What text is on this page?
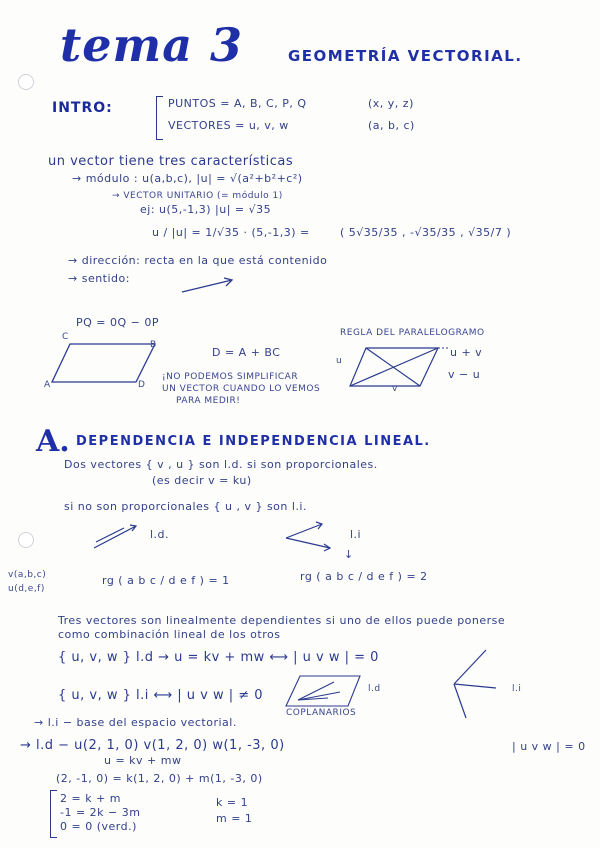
tema 3	GEOMETRÍA VECTORIAL.
INTRO:	PUNTOS = A, B, C, P, Q	(x, y, z)
VECTORES = u, v, w	(a, b, c)
un vector tiene tres características
→ módulo : u(a,b,c), |u| = √(a²+b²+c²)
→ VECTOR UNITARIO (= módulo 1)
ej: u(5,-1,3) |u| = √35
u / |u| = 1/√35 · (5,-1,3) =	( 5√35/35 , -√35/35 , √35/7 )
→ dirección: recta en la que está contenido
→ sentido:
PQ = 0Q − 0P
C
B
A	D
D = A + BC
¡NO PODEMOS SIMPLIFICAR
UN VECTOR CUANDO LO VEMOS
PARA MEDIR!
REGLA DEL PARALELOGRAMO
u
v
u + v
v − u
A. DEPENDENCIA E INDEPENDENCIA LINEAL.
Dos vectores { v , u } son l.d. si son proporcionales.
(es decir v = ku)
si no son proporcionales { u , v } son l.i.
l.d.	l.i
↓
v(a,b,c)
u(d,e,f)
rg ( a b c / d e f ) = 1	rg ( a b c / d e f ) = 2
Tres vectores son linealmente dependientes si uno de ellos puede ponerse
como combinación lineal de los otros
{ u, v, w } l.d → u = kv + mw ⟷ | u v w | = 0
l.i
{ u, v, w } l.i ⟷ | u v w | ≠ 0	l.d
COPLANARIOS
→ l.i − base del espacio vectorial.
→ l.d − u(2, 1, 0) v(1, 2, 0) w(1, -3, 0)	| u v w | = 0
u = kv + mw
(2, -1, 0) = k(1, 2, 0) + m(1, -3, 0)
2 = k + m
-1 = 2k − 3m
0 = 0 (verd.)
k = 1
m = 1
